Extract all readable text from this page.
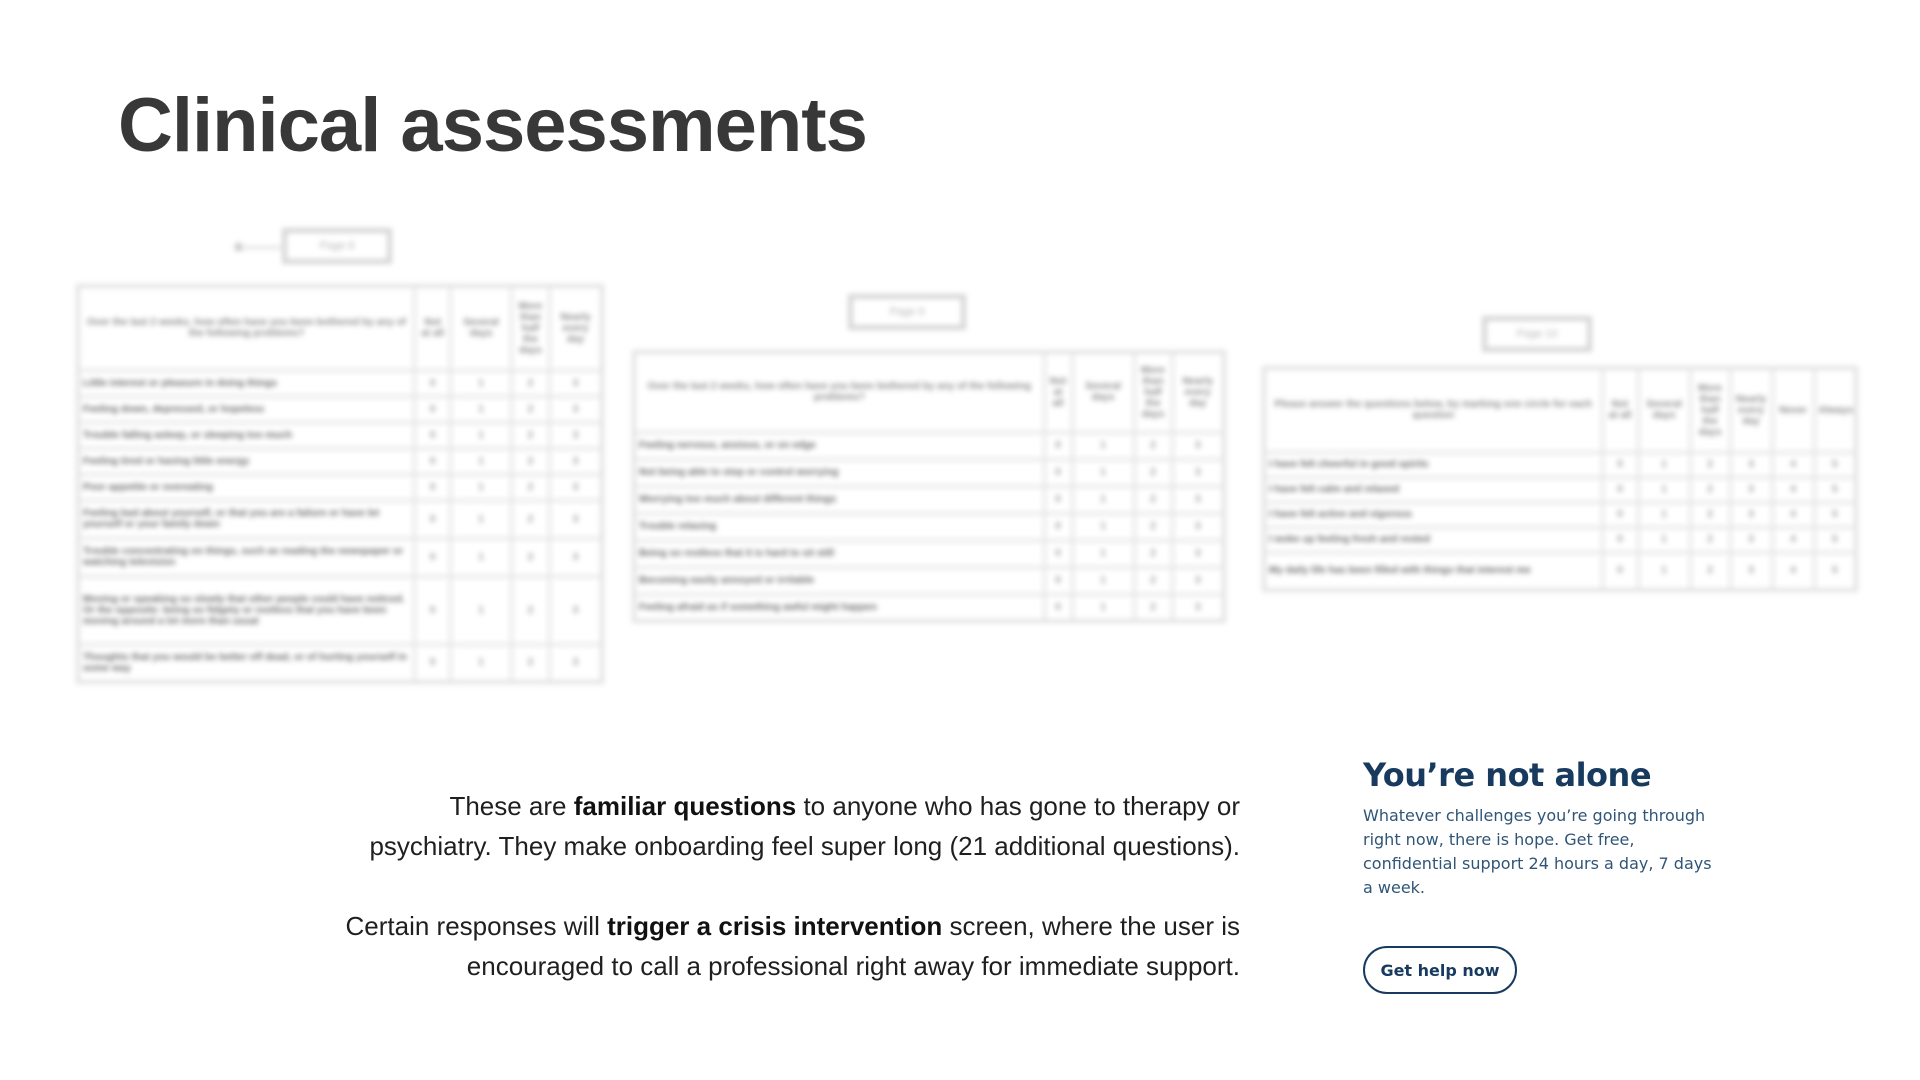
Clinical assessments
Page 8
Over the last 2 weeks, how often have you been bothered by any of the following problems?	Not at all	Several days	More than half the days	Nearly every day
Little interest or pleasure in doing things	0	1	2	3
Feeling down, depressed, or hopeless	0	1	2	3
Trouble falling asleep, or sleeping too much	0	1	2	3
Feeling tired or having little energy	0	1	2	3
Poor appetite or overeating	0	1	2	3
Feeling bad about yourself, or that you are a failure or have let yourself or your family down	0	1	2	3
Trouble concentrating on things, such as reading the newspaper or watching television	0	1	2	3
Moving or speaking so slowly that other people could have noticed. Or the opposite: being so fidgety or restless that you have been moving around a lot more than usual	0	1	2	3
Thoughts that you would be better off dead, or of hurting yourself in some way	0	1	2	3
Page 9
Over the last 2 weeks, how often have you been bothered by any of the following problems?	Not at all	Several days	More than half the days	Nearly every day
Feeling nervous, anxious, or on edge	0	1	2	3
Not being able to stop or control worrying	0	1	2	3
Worrying too much about different things	0	1	2	3
Trouble relaxing	0	1	2	3
Being so restless that it is hard to sit still	0	1	2	3
Becoming easily annoyed or irritable	0	1	2	3
Feeling afraid as if something awful might happen	0	1	2	3
Page 10
Please answer the questions below, by marking one circle for each question	Not at all	Several days	More than half the days	Nearly every day	Never	Always
I have felt cheerful in good spirits	0	1	2	3	4	5
I have felt calm and relaxed	0	1	2	3	4	5
I have felt active and vigorous	0	1	2	3	4	5
I woke up feeling fresh and rested	0	1	2	3	4	5
My daily life has been filled with things that interest me	0	1	2	3	4	5

These are familiar questions to anyone who has gone to therapy or psychiatry. They make onboarding feel super long (21 additional questions).

Certain responses will trigger a crisis intervention screen, where the user is encouraged to call a professional right away for immediate support.

You’re not alone

Whatever challenges you’re going through right now, there is hope. Get free, confidential support 24 hours a day, 7 days a week.

Get help now
